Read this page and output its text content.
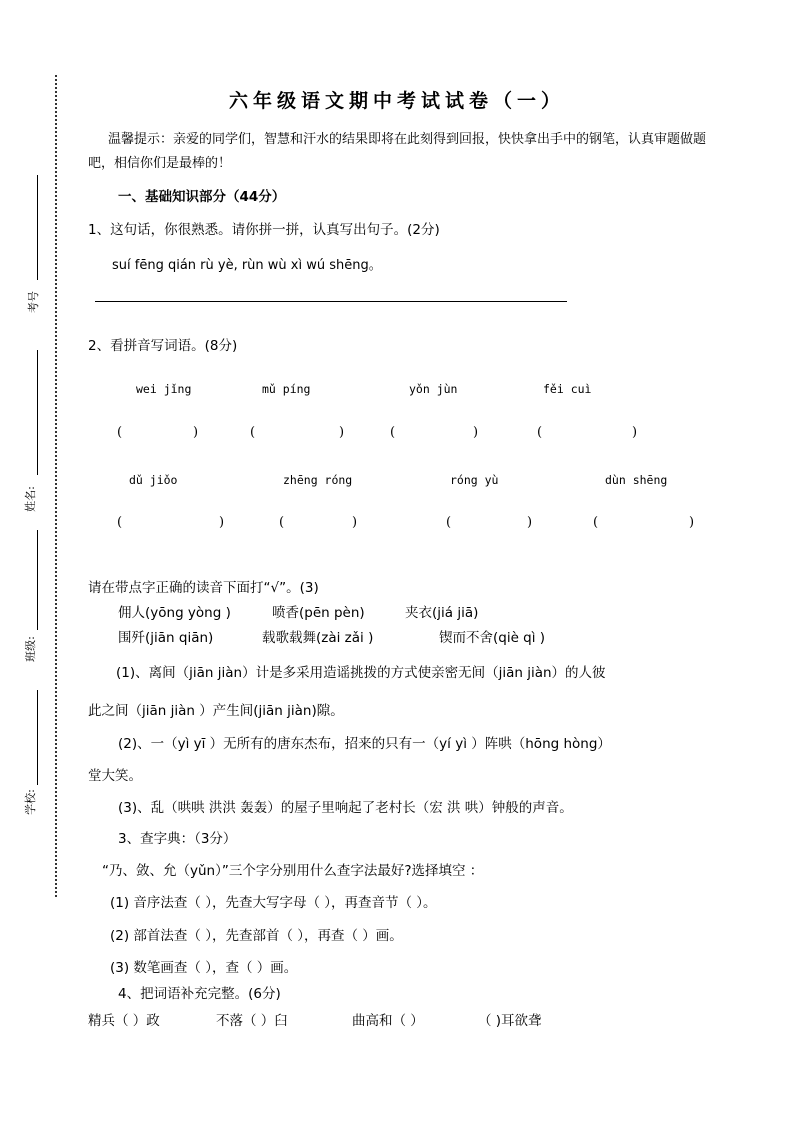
考号
姓名:
班级:
学校:
六年级语文期中考试试卷（一）
温馨提示：亲爱的同学们，智慧和汗水的结果即将在此刻得到回报，快快拿出手中的钢笔，认真审题做题吧，相信你们是最棒的！
一、基础知识部分（44分）
1、这句话，你很熟悉。请你拼一拼，认真写出句子。(2分)
suí fēng qián rù yè, rùn wù xì wú shēng。
2、看拼音写词语。(8分)
wei jǐng	mǔ píng	yǒn jùn	fěi cuì
(	)	(	)	(	)	(	)
dǔ jiǒo	zhēng róng	róng yù	dùn shēng
(	)	(	)	(	)	(	)
请在带点字正确的读音下面打“√”。(3)
佣人(yōng yòng )	喷香(pēn pèn)	夹衣(jiá jiā)
围歼(jiān qiān)	载歌载舞(zài zǎi )	锲而不舍(qiè qì )
(1)、离间（jiān jiàn）计是多采用造谣挑拨的方式使亲密无间（jiān jiàn）的人彼
此之间（jiān jiàn ）产生间(jiān jiàn)隙。
(2)、一（yì yī ）无所有的唐东杰布，招来的只有一（yí yì ）阵哄（hōng hòng）
堂大笑。
(3)、乱（哄哄 洪洪 轰轰）的屋子里响起了老村长（宏 洪 哄）钟般的声音。
3、查字典：（3分）
“乃、敛、允（yǔn）”三个字分别用什么查字法最好?选择填空 ：
(1) 音序法查（ ），先查大写字母（ ），再查音节（ ）。
(2) 部首法查（ ），先查部首（ ），再查（ ）画。
(3) 数笔画查（ ），查（ ）画。
4、把词语补充完整。(6分)
精兵（ ）政	不落（ ）臼	曲高和（ ）	（ )耳欲聋
